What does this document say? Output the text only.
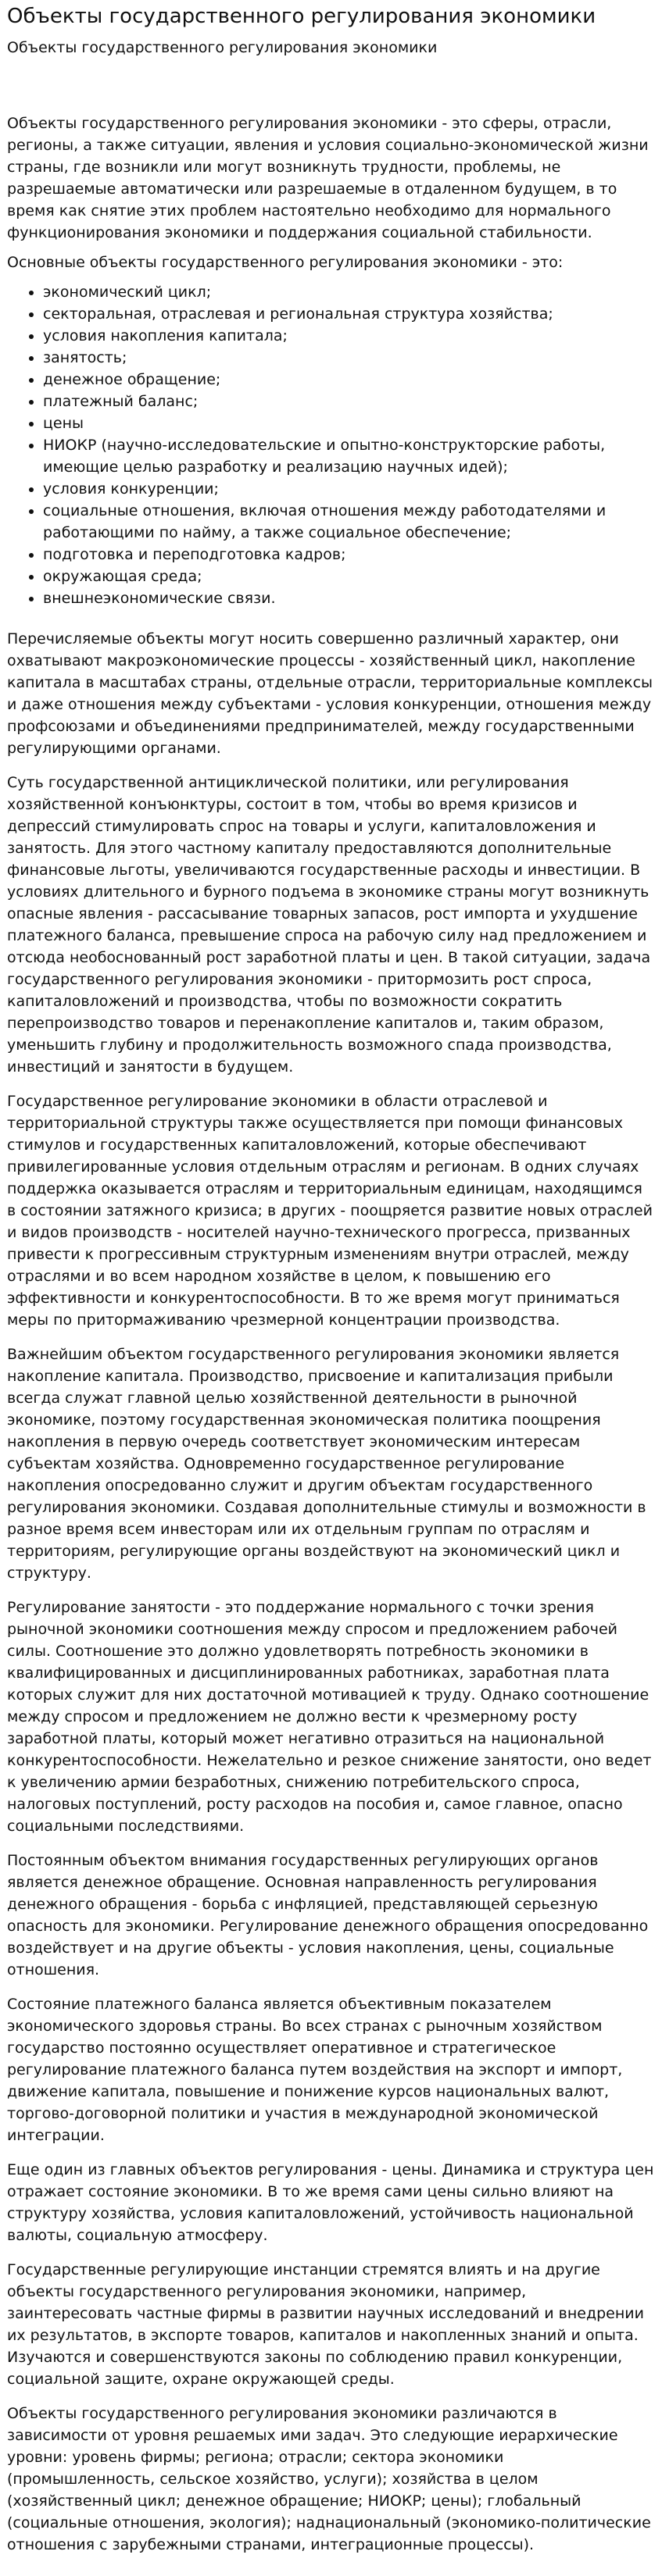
Объекты государственного регулирования экономики
Объекты государственного регулирования экономики

Объекты государственного регулирования экономики - это сферы, отрасли, регионы, а также ситуации, явления и условия социально-экономической жизни страны, где возникли или могут возникнуть трудности, проблемы, не разрешаемые автоматически или разрешаемые в отдаленном будущем, в то время как снятие этих проблем настоятельно необходимо для нормального функционирования экономики и поддержания социальной стабильности.

Основные объекты государственного регулирования экономики - это:

• экономический цикл;
• секторальная, отраслевая и региональная структура хозяйства;
• условия накопления капитала;
• занятость;
• денежное обращение;
• платежный баланс;
• цены
• НИОКР (научно-исследовательские и опытно-конструкторские работы, имеющие целью разработку и реализацию научных идей);
• условия конкуренции;
• социальные отношения, включая отношения между работодателями и работающими по найму, а также социальное обеспечение;
• подготовка и переподготовка кадров;
• окружающая среда;
• внешнеэкономические связи.

Перечисляемые объекты могут носить совершенно различный характер, они охватывают макроэкономические процессы - хозяйственный цикл, накопление капитала в масштабах страны, отдельные отрасли, территориальные комплексы и даже отношения между субъектами - условия конкуренции, отношения между профсоюзами и объединениями предпринимателей, между государственными регулирующими органами.

Суть государственной антициклической политики, или регулирования хозяйственной конъюнктуры, состоит в том, чтобы во время кризисов и депрессий стимулировать спрос на товары и услуги, капиталовложения и занятость. Для этого частному капиталу предоставляются дополнительные финансовые льготы, увеличиваются государственные расходы и инвестиции. В условиях длительного и бурного подъема в экономике страны могут возникнуть опасные явления - рассасывание товарных запасов, рост импорта и ухудшение платежного баланса, превышение спроса на рабочую силу над предложением и отсюда необоснованный рост заработной платы и цен. В такой ситуации, задача государственного регулирования экономики - притормозить рост спроса, капиталовложений и производства, чтобы по возможности сократить перепроизводство товаров и перенакопление капиталов и, таким образом, уменьшить глубину и продолжительность возможного спада производства, инвестиций и занятости в будущем.

Государственное регулирование экономики в области отраслевой и территориальной структуры также осуществляется при помощи финансовых стимулов и государственных капиталовложений, которые обеспечивают привилегированные условия отдельным отраслям и регионам. В одних случаях поддержка оказывается отраслям и территориальным единицам, находящимся в состоянии затяжного кризиса; в других - поощряется развитие новых отраслей и видов производств - носителей научно-технического прогресса, призванных привести к прогрессивным структурным изменениям внутри отраслей, между отраслями и во всем народном хозяйстве в целом, к повышению его эффективности и конкурентоспособности. В то же время могут приниматься меры по притормаживанию чрезмерной концентрации производства.

Важнейшим объектом государственного регулирования экономики является накопление капитала. Производство, присвоение и капитализация прибыли всегда служат главной целью хозяйственной деятельности в рыночной экономике, поэтому государственная экономическая политика поощрения накопления в первую очередь соответствует экономическим интересам субъектам хозяйства. Одновременно государственное регулирование накопления опосредованно служит и другим объектам государственного регулирования экономики. Создавая дополнительные стимулы и возможности в разное время всем инвесторам или их отдельным группам по отраслям и территориям, регулирующие органы воздействуют на экономический цикл и структуру.

Регулирование занятости - это поддержание нормального с точки зрения рыночной экономики соотношения между спросом и предложением рабочей силы. Соотношение это должно удовлетворять потребность экономики в квалифицированных и дисциплинированных работниках, заработная плата которых служит для них достаточной мотивацией к труду. Однако соотношение между спросом и предложением не должно вести к чрезмерному росту заработной платы, который может негативно отразиться на национальной конкурентоспособности. Нежелательно и резкое снижение занятости, оно ведет к увеличению армии безработных, снижению потребительского спроса, налоговых поступлений, росту расходов на пособия и, самое главное, опасно социальными последствиями.

Постоянным объектом внимания государственных регулирующих органов является денежное обращение. Основная направленность регулирования денежного обращения - борьба с инфляцией, представляющей серьезную опасность для экономики. Регулирование денежного обращения опосредованно воздействует и на другие объекты - условия накопления, цены, социальные отношения.

Состояние платежного баланса является объективным показателем экономического здоровья страны. Во всех странах с рыночным хозяйством государство постоянно осуществляет оперативное и стратегическое регулирование платежного баланса путем воздействия на экспорт и импорт, движение капитала, повышение и понижение курсов национальных валют, торгово-договорной политики и участия в международной экономической интеграции.

Еще один из главных объектов регулирования - цены. Динамика и структура цен отражает состояние экономики. В то же время сами цены сильно влияют на структуру хозяйства, условия капиталовложений, устойчивость национальной валюты, социальную атмосферу.

Государственные регулирующие инстанции стремятся влиять и на другие объекты государственного регулирования экономики, например, заинтересовать частные фирмы в развитии научных исследований и внедрении их результатов, в экспорте товаров, капиталов и накопленных знаний и опыта. Изучаются и совершенствуются законы по соблюдению правил конкуренции, социальной защите, охране окружающей среды.

Объекты государственного регулирования экономики различаются в зависимости от уровня решаемых ими задач. Это следующие иерархические уровни: уровень фирмы; региона; отрасли; сектора экономики (промышленность, сельское хозяйство, услуги); хозяйства в целом (хозяйственный цикл; денежное обращение; НИОКР; цены); глобальный (социальные отношения, экология); наднациональный (экономико-политические отношения с зарубежными странами, интеграционные процессы).
